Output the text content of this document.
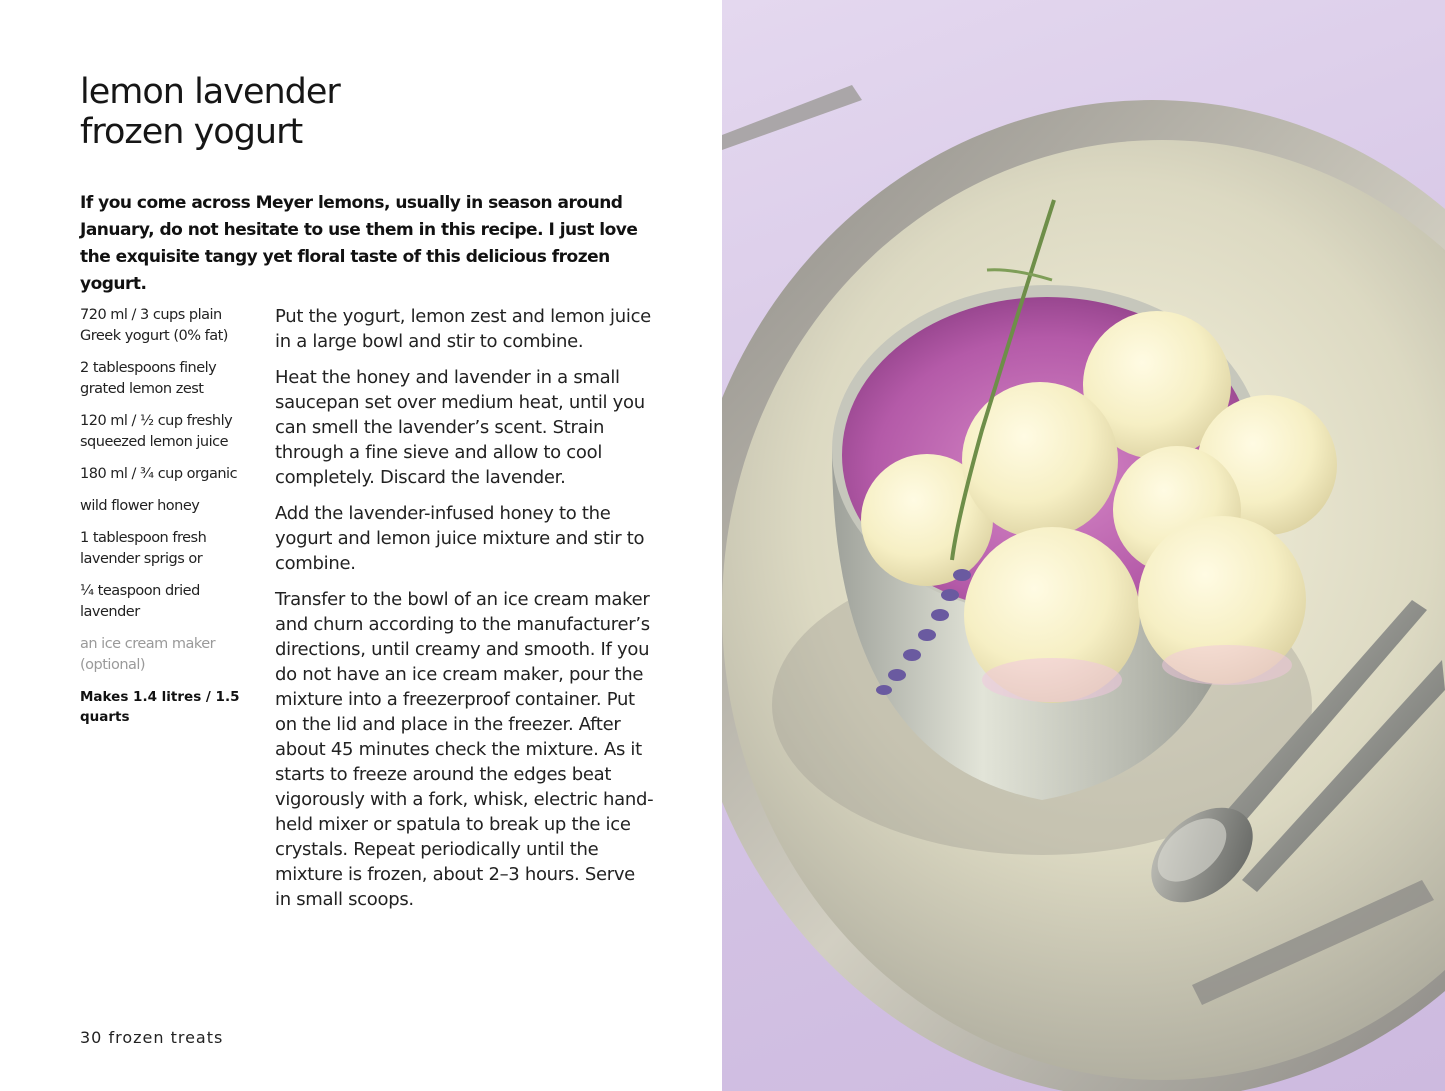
lemon lavender
frozen yogurt

If you come across Meyer lemons, usually in season around January, do not hesitate to use them in this recipe. I just love the exquisite tangy yet floral taste of this delicious frozen yogurt.

720 ml / 3 cups plain Greek yogurt (0% fat)
2 tablespoons finely grated lemon zest
120 ml / ½ cup freshly squeezed lemon juice
180 ml / ¾ cup organic
wild flower honey
1 tablespoon fresh lavender sprigs or
¼ teaspoon dried lavender
an ice cream maker (optional)
Makes 1.4 litres / 1.5 quarts

Put the yogurt, lemon zest and lemon juice in a large bowl and stir to combine.

Heat the honey and lavender in a small saucepan set over medium heat, until you can smell the lavender’s scent. Strain through a fine sieve and allow to cool completely. Discard the lavender.

Add the lavender-infused honey to the yogurt and lemon juice mixture and stir to combine.

Transfer to the bowl of an ice cream maker and churn according to the manufacturer’s directions, until creamy and smooth. If you do not have an ice cream maker, pour the mixture into a freezerproof container. Put on the lid and place in the freezer. After about 45 minutes check the mixture. As it starts to freeze around the edges beat vigorously with a fork, whisk, electric hand-held mixer or spatula to break up the ice crystals. Repeat periodically until the mixture is frozen, about 2–3 hours. Serve in small scoops.

30 frozen treats
